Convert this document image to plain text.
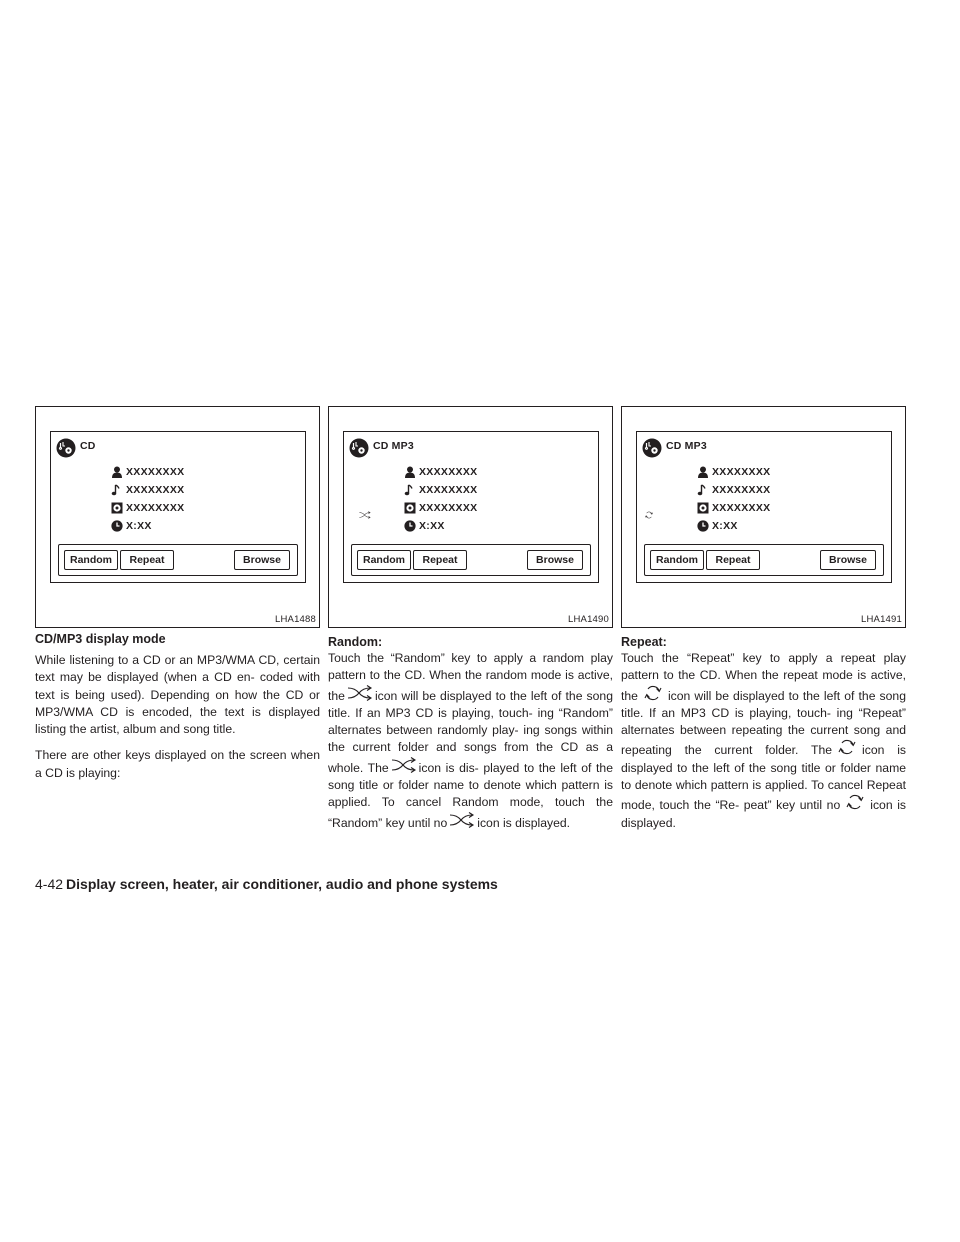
CD
XXXXXXXX
XXXXXXXX
XXXXXXXX
X:XX
Random	Repeat	Browse
LHA1488
CD MP3
XXXXXXXX
XXXXXXXX
XXXXXXXX
X:XX
Random	Repeat	Browse
LHA1490
CD MP3
XXXXXXXX
XXXXXXXX
XXXXXXXX
X:XX
Random	Repeat	Browse
LHA1491
CD/MP3 display mode

While listening to a CD or an MP3/WMA CD, certain text may be displayed (when a CD en- coded with text is being used). Depending on how the CD or MP3/WMA CD is encoded, the text is displayed listing the artist, album and song title.

There are other keys displayed on the screen when a CD is playing:

Random:

Touch the “Random” key to apply a random play pattern to the CD. When the random mode is active, the icon will be displayed to the left of the song title. If an MP3 CD is playing, touch- ing “Random” alternates between randomly play- ing songs within the current folder and songs from the CD as a whole. The icon is dis- played to the left of the song title or folder name to denote which pattern is applied. To cancel Random mode, touch the “Random” key until no icon is displayed.

Repeat:

Touch the “Repeat” key to apply a repeat play pattern to the CD. When the repeat mode is active, the icon will be displayed to the left of the song title. If an MP3 CD is playing, touch- ing “Repeat” alternates between repeating the current song and repeating the current folder. The icon is displayed to the left of the song title or folder name to denote which pattern is applied. To cancel Repeat mode, touch the “Re- peat” key until no icon is displayed.

4-42 Display screen, heater, air conditioner, audio and phone systems
